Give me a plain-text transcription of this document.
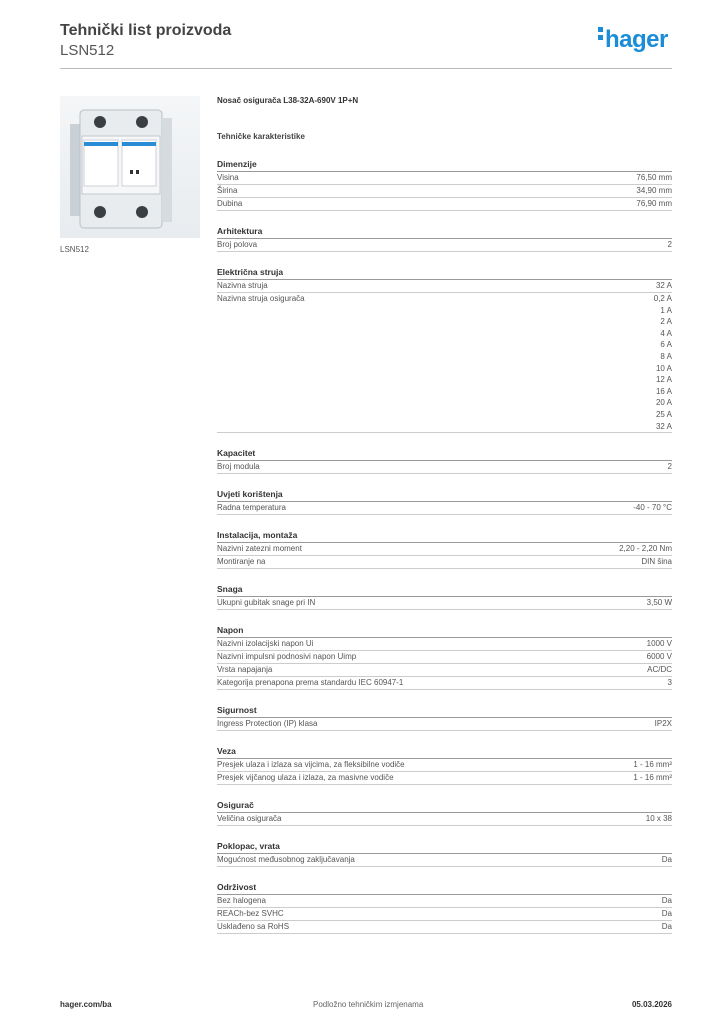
Tehnički list proizvoda
LSN512	hager
LSN512
Nosač osigurača L38-32A-690V 1P+N
Tehničke karakteristike
Dimenzije
Visina	76,50 mm
Širina	34,90 mm
Dubina	76,90 mm
Arhitektura
Broj polova	2
Električna struja
Nazivna struja	32 A
Nazivna struja osigurača	0,2 A
1 A
2 A
4 A
6 A
8 A
10 A
12 A
16 A
20 A
25 A
32 A
Kapacitet
Broj modula	2
Uvjeti korištenja
Radna temperatura	-40 - 70 °C
Instalacija, montaža
Nazivni zatezni moment	2,20 - 2,20 Nm
Montiranje na	DIN šina
Snaga
Ukupni gubitak snage pri IN	3,50 W
Napon
Nazivni izolacijski napon Ui	1000 V
Nazivni impulsni podnosivi napon Uimp	6000 V
Vrsta napajanja	AC/DC
Kategorija prenapona prema standardu IEC 60947-1	3
Sigurnost
Ingress Protection (IP) klasa	IP2X
Veza
Presjek ulaza i izlaza sa vijcima, za fleksibilne vodiče	1 - 16 mm²
Presjek vijčanog ulaza i izlaza, za masivne vodiče	1 - 16 mm²
Osigurač
Veličina osigurača	10 x 38
Poklopac, vrata
Mogućnost međusobnog zaključavanja	Da
Održivost
Bez halogena	Da
REACh-bez SVHC	Da
Usklađeno sa RoHS	Da
hager.com/ba	Podložno tehničkim izmjenama	05.03.2026
